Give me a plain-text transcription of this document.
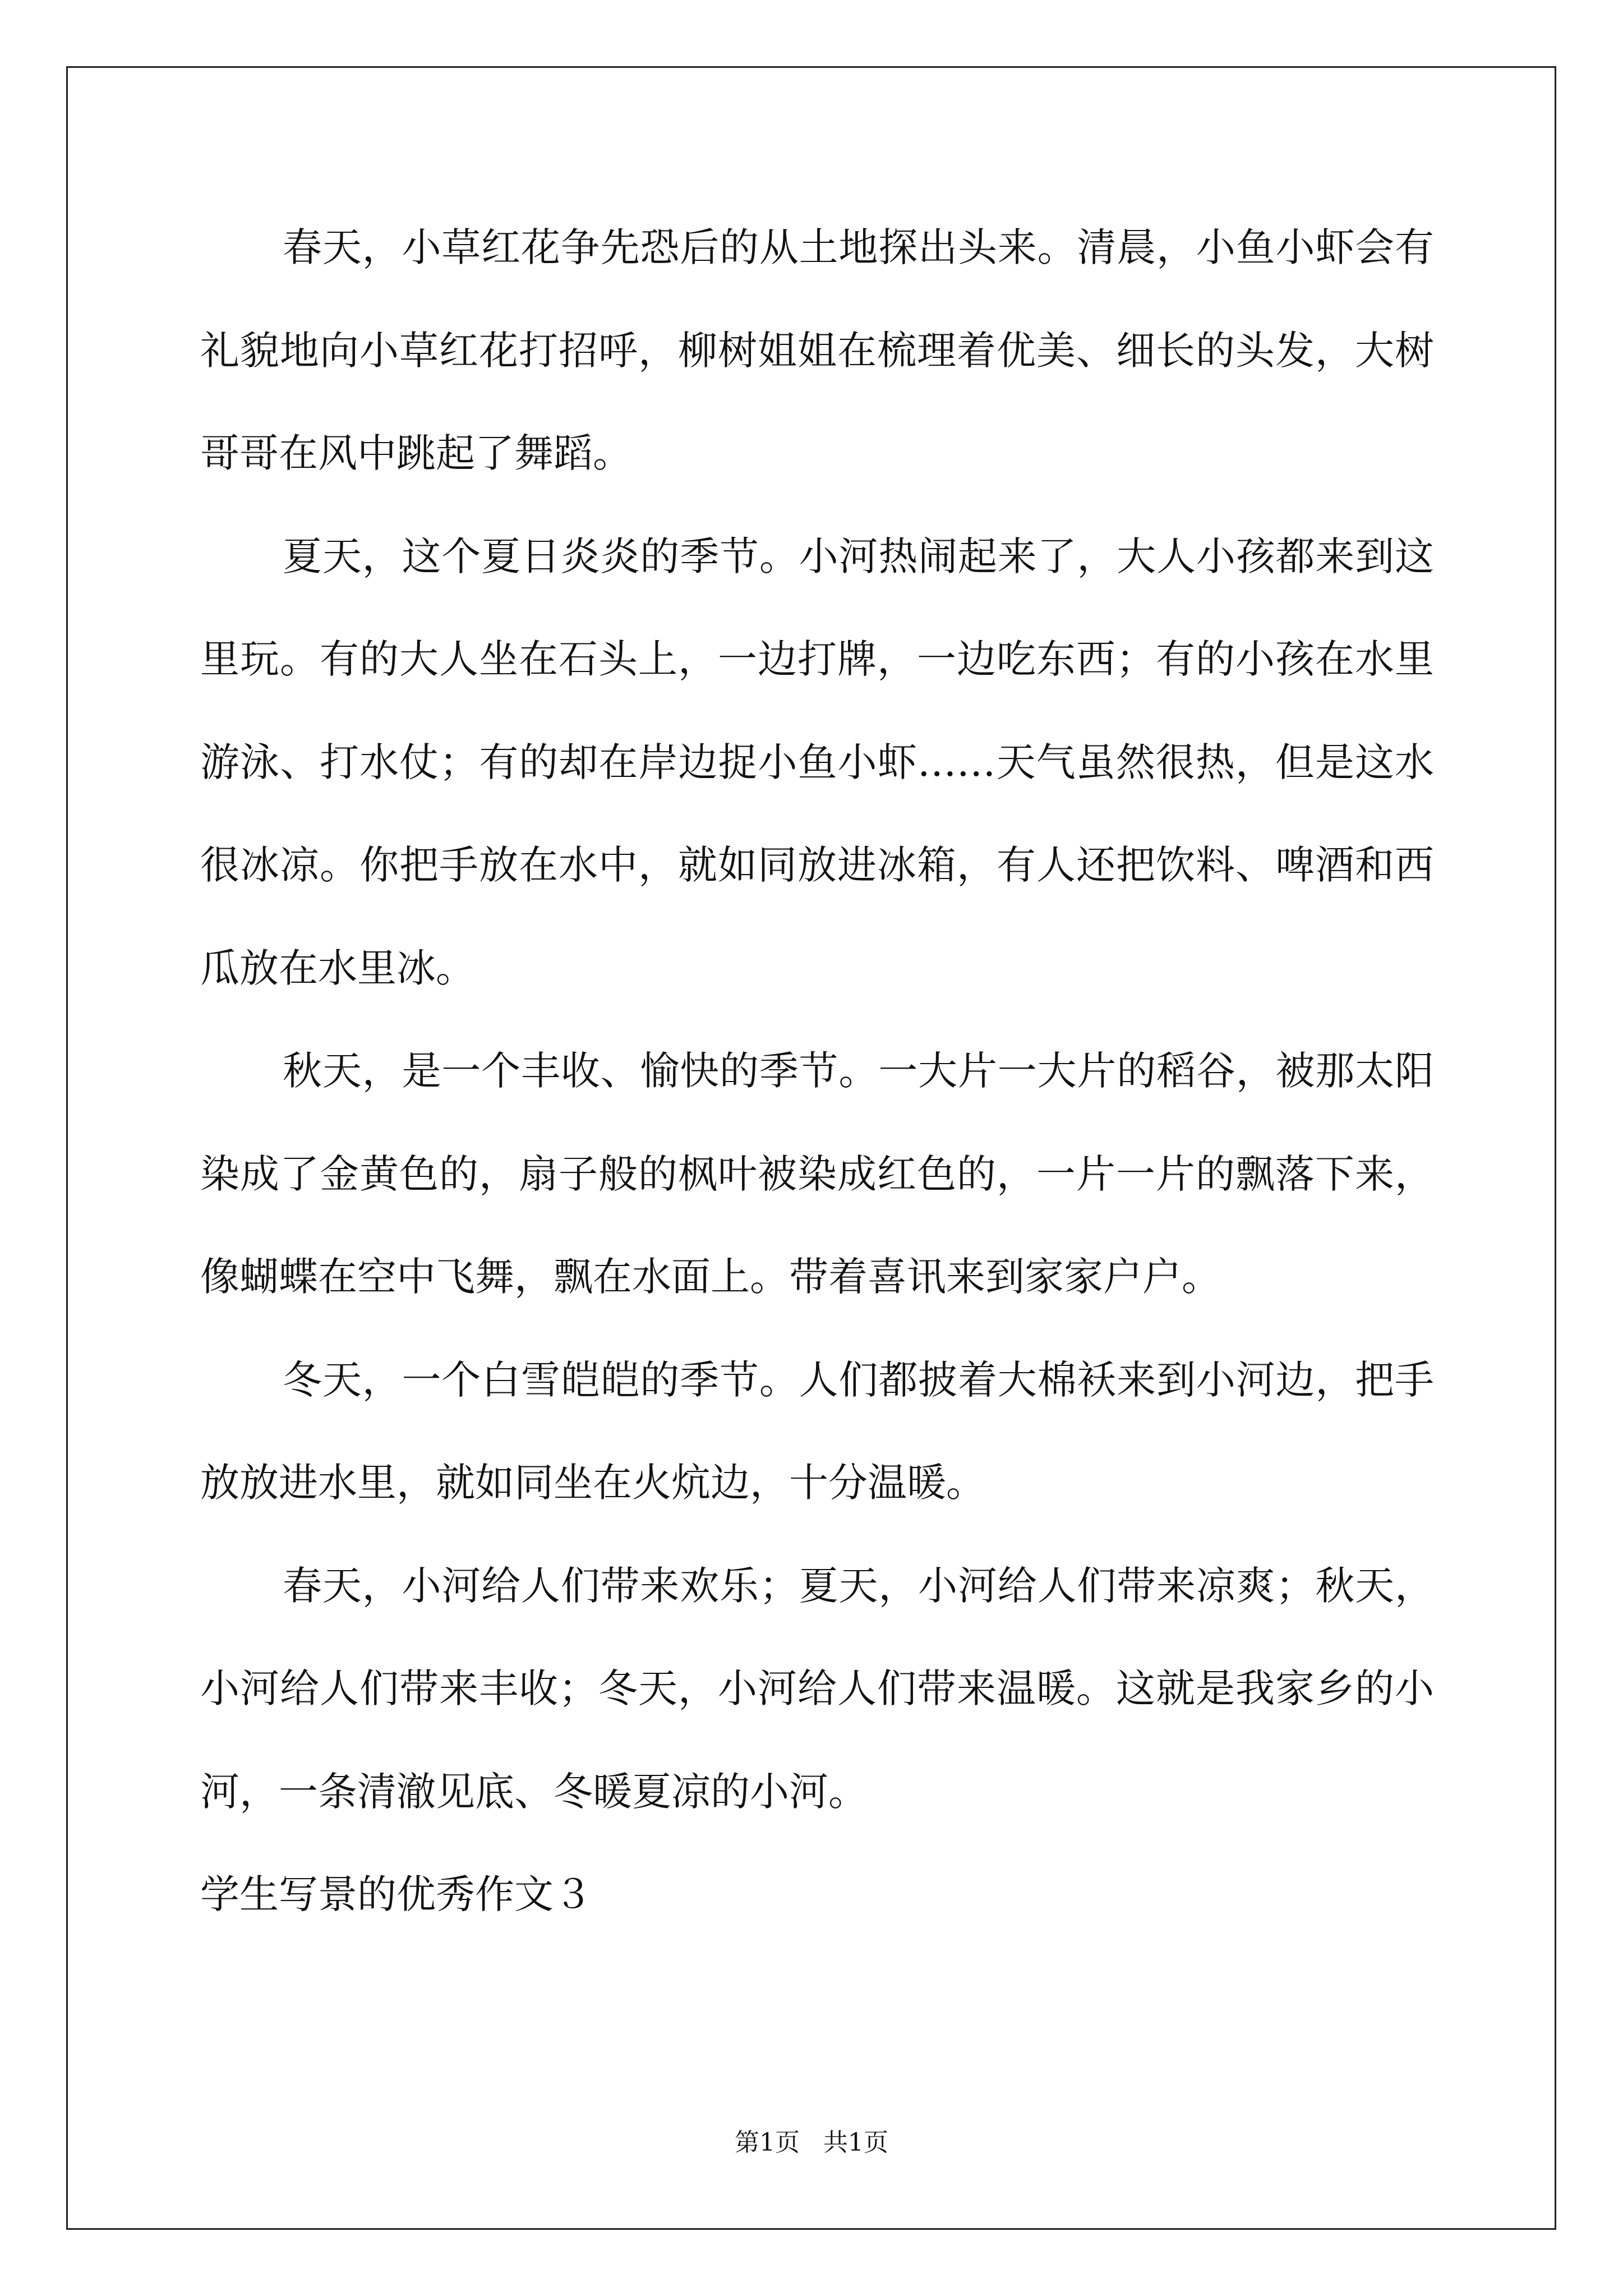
春天，小草红花争先恐后的从土地探出头来。清晨，小鱼小虾会有礼貌地向小草红花打招呼，柳树姐姐在梳理着优美、细长的头发，大树哥哥在风中跳起了舞蹈。

夏天，这个夏日炎炎的季节。小河热闹起来了，大人小孩都来到这里玩。有的大人坐在石头上，一边打牌，一边吃东西；有的小孩在水里游泳、打水仗；有的却在岸边捉小鱼小虾……天气虽然很热，但是这水很冰凉。你把手放在水中，就如同放进冰箱，有人还把饮料、啤酒和西瓜放在水里冰。

秋天，是一个丰收、愉快的季节。一大片一大片的稻谷，被那太阳染成了金黄色的，扇子般的枫叶被染成红色的，一片一片的飘落下来，像蝴蝶在空中飞舞，飘在水面上。带着喜讯来到家家户户。

冬天，一个白雪皑皑的季节。人们都披着大棉袄来到小河边，把手放放进水里，就如同坐在火炕边，十分温暖。

春天，小河给人们带来欢乐；夏天，小河给人们带来凉爽；秋天，小河给人们带来丰收；冬天，小河给人们带来温暖。这就是我家乡的小河，一条清澈见底、冬暖夏凉的小河。

学生写景的优秀作文３

第1页 共1页
